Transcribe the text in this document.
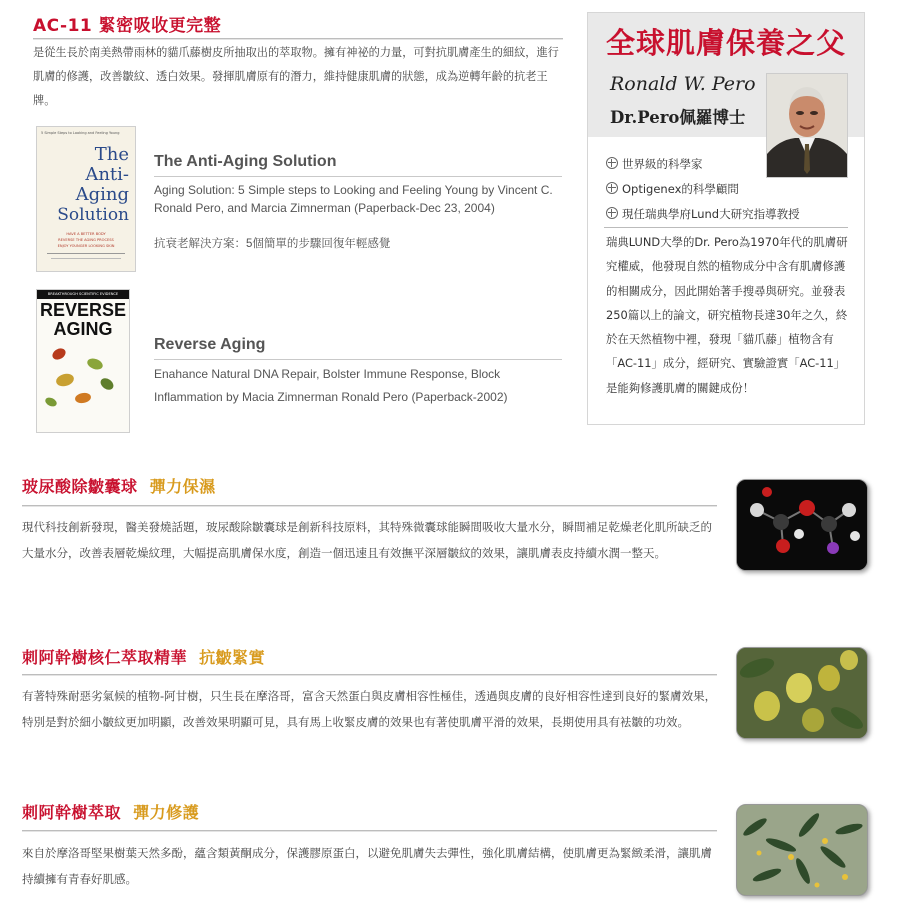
AC-11 緊密吸收更完整
是從生長於南美熱帶雨林的貓爪藤樹皮所抽取出的萃取物。擁有神祕的力量，可對抗肌膚產生的細紋，進行肌膚的修護，改善皺紋、透白效果。發揮肌膚原有的潛力，維持健康肌膚的狀態，成為逆轉年齡的抗老王牌。
5 Simple Steps to Looking and Feeling Young
The
Anti-
Aging
Solution
HAVE A BETTER BODY
REVERSE THE AGING PROCESS
ENJOY YOUNGER LOOKING SKIN
The Anti-Aging Solution
Aging Solution: 5 Simple steps to Looking and Feeling Young by Vincent C. Ronald Pero, and Marcia Zimnerman (Paperback-Dec 23, 2004)
抗衰老解決方案：5個簡單的步驟回復年輕感覺
BREAKTHROUGH SCIENTIFIC EVIDENCE
REVERSE
AGING
Reverse Aging
Enahance Natural DNA Repair, Bolster Immune Response, Block Inflammation by Macia Zimnerman Ronald Pero (Paperback-2002)
全球肌膚保養之父
Ronald W. Pero
Dr.Pero佩羅博士
世界級的科學家
Optigenex的科學顧問
現任瑞典學府Lund大研究指導教授
瑞典LUND大學的Dr. Pero為1970年代的肌膚研究權威，他發現自然的植物成分中含有肌膚修護的相關成分，因此開始著手搜尋與研究。並發表250篇以上的論文，研究植物長達30年之久，終於在天然植物中裡，發現「貓爪藤」植物含有「AC-11」成分，經研究、實驗證實「AC-11」是能夠修護肌膚的關鍵成份！
玻尿酸除皺囊球 彈力保濕
現代科技創新發現，醫美發燒話題，玻尿酸除皺囊球是創新科技原料，其特殊微囊球能瞬間吸收大量水分，瞬間補足乾燥老化肌所缺乏的大量水分，改善表層乾燥紋理，大幅提高肌膚保水度，創造一個迅速且有效撫平深層皺紋的效果，讓肌膚表皮持續水潤一整天。
刺阿幹樹核仁萃取精華 抗皺緊實
有著特殊耐惡劣氣候的植物-阿甘樹，只生長在摩洛哥，富含天然蛋白與皮膚相容性極佳，透過與皮膚的良好相容性達到良好的緊膚效果，特別是對於細小皺紋更加明顯，改善效果明顯可見，具有馬上收緊皮膚的效果也有著使肌膚平滑的效果，長期使用具有袪皺的功效。
刺阿幹樹萃取 彈力修護
來自於摩洛哥堅果樹葉天然多酚，蘊含類黃酮成分，保護膠原蛋白，以避免肌膚失去彈性，強化肌膚結構，使肌膚更為緊緻柔滑，讓肌膚持續擁有青春好肌感。
